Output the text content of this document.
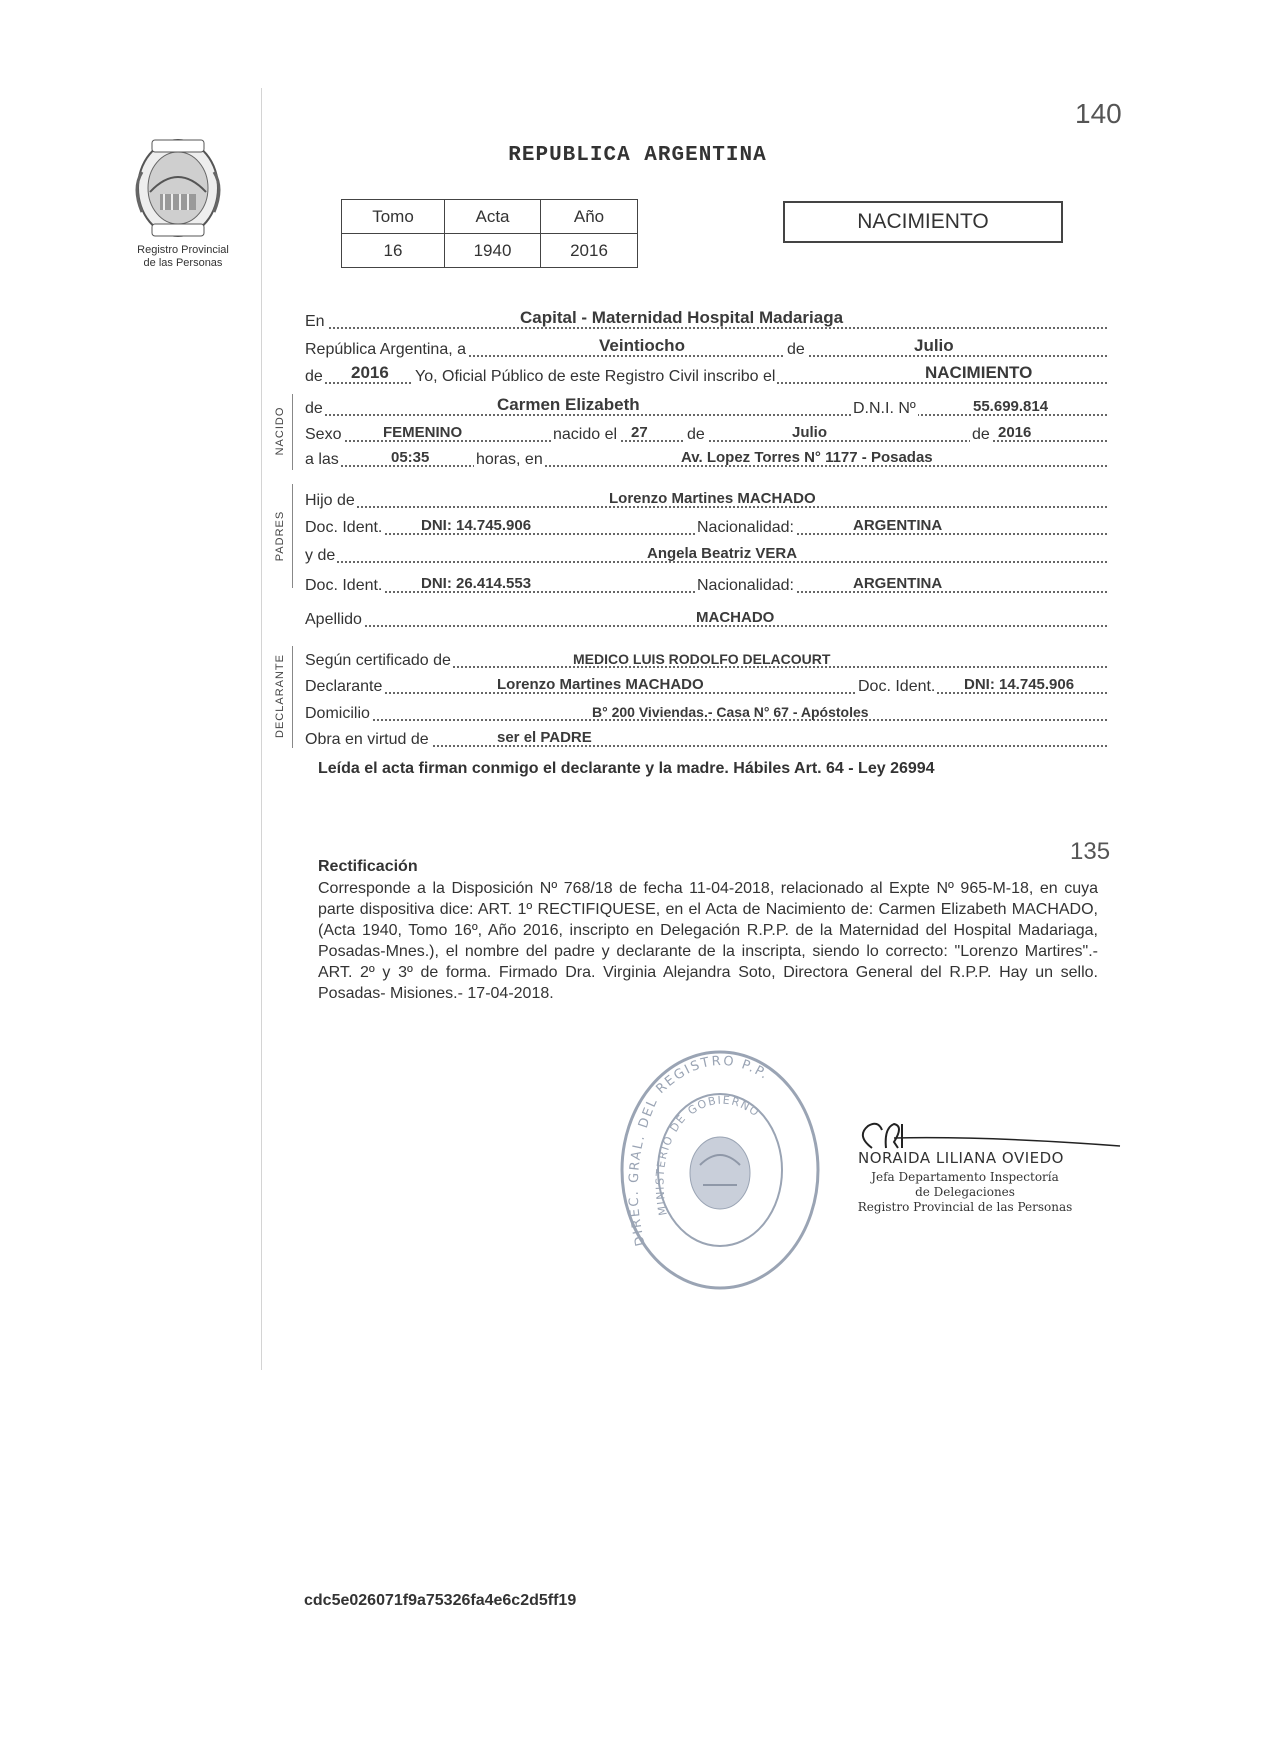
140
135
Registro Provincial
de las Personas
REPUBLICA ARGENTINA
Tomo	Acta	Año
16	1940	2016
NACIMIENTO
NACIDO
PADRES
DECLARANTE
En	Capital - Maternidad Hospital Madariaga
República Argentina, a	Veintiocho	de	Julio
de 2016 Yo, Oficial Público de este Registro Civil inscribo el	NACIMIENTO
de	Carmen Elizabeth	D.N.I. Nº	55.699.814
Sexo	FEMENINO	nacido el 27 de	Julio	de 2016
a las	05:35	horas, en	Av. Lopez Torres N° 1177 - Posadas
Hijo de	Lorenzo Martines MACHADO
Doc. Ident.	DNI: 14.745.906	Nacionalidad:	ARGENTINA
y de	Angela Beatriz VERA
Doc. Ident.	DNI: 26.414.553	Nacionalidad:	ARGENTINA
Apellido	MACHADO
Según certificado de	MEDICO LUIS RODOLFO DELACOURT
Declarante	Lorenzo Martines MACHADO	Doc. Ident. DNI: 14.745.906
Domicilio	B° 200 Viviendas.- Casa N° 67 - Apóstoles
Obra en virtud de	ser el PADRE
Leída el acta firman conmigo el declarante y la madre. Hábiles Art. 64 - Ley 26994
Rectificación
Corresponde a la Disposición Nº 768/18 de fecha 11-04-2018, relacionado al Expte Nº 965-M-18, en cuya parte dispositiva dice: ART. 1º RECTIFIQUESE, en el Acta de Nacimiento de: Carmen Elizabeth MACHADO, (Acta 1940, Tomo 16º, Año 2016, inscripto en Delegación R.P.P. de la Maternidad del Hospital Madariaga, Posadas-Mnes.), el nombre del padre y declarante de la inscripta, siendo lo correcto: "Lorenzo Martires".- ART. 2º y 3º de forma. Firmado Dra. Virginia Alejandra Soto, Directora General del R.P.P. Hay un sello. Posadas- Misiones.- 17-04-2018.
DIREC. GRAL. DEL REGISTRO P.P.
MINISTERIO DE GOBIERNO
NORAIDA LILIANA OVIEDO
Jefa Departamento Inspectoría
de Delegaciones
Registro Provincial de las Personas
cdc5e026071f9a75326fa4e6c2d5ff19
